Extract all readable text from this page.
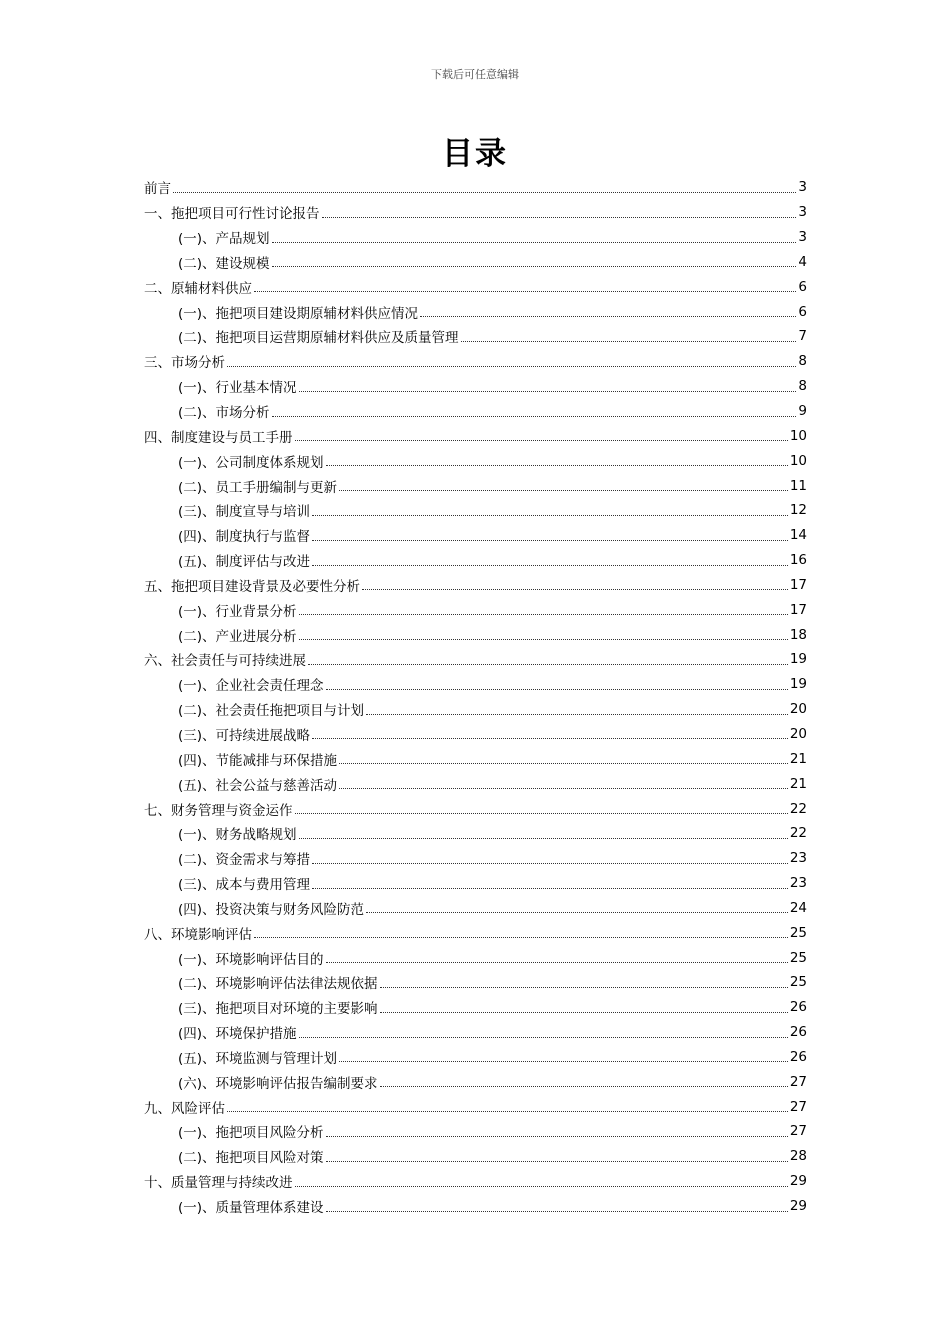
下载后可任意编辑
目录
前言	3
一、拖把项目可行性讨论报告	3
(一)、产品规划	3
(二)、建设规模	4
二、原辅材料供应	6
(一)、拖把项目建设期原辅材料供应情况	6
(二)、拖把项目运营期原辅材料供应及质量管理	7
三、市场分析	8
(一)、行业基本情况	8
(二)、市场分析	9
四、制度建设与员工手册	10
(一)、公司制度体系规划	10
(二)、员工手册编制与更新	11
(三)、制度宣导与培训	12
(四)、制度执行与监督	14
(五)、制度评估与改进	16
五、拖把项目建设背景及必要性分析	17
(一)、行业背景分析	17
(二)、产业进展分析	18
六、社会责任与可持续进展	19
(一)、企业社会责任理念	19
(二)、社会责任拖把项目与计划	20
(三)、可持续进展战略	20
(四)、节能减排与环保措施	21
(五)、社会公益与慈善活动	21
七、财务管理与资金运作	22
(一)、财务战略规划	22
(二)、资金需求与筹措	23
(三)、成本与费用管理	23
(四)、投资决策与财务风险防范	24
八、环境影响评估	25
(一)、环境影响评估目的	25
(二)、环境影响评估法律法规依据	25
(三)、拖把项目对环境的主要影响	26
(四)、环境保护措施	26
(五)、环境监测与管理计划	26
(六)、环境影响评估报告编制要求	27
九、风险评估	27
(一)、拖把项目风险分析	27
(二)、拖把项目风险对策	28
十、质量管理与持续改进	29
(一)、质量管理体系建设	29
